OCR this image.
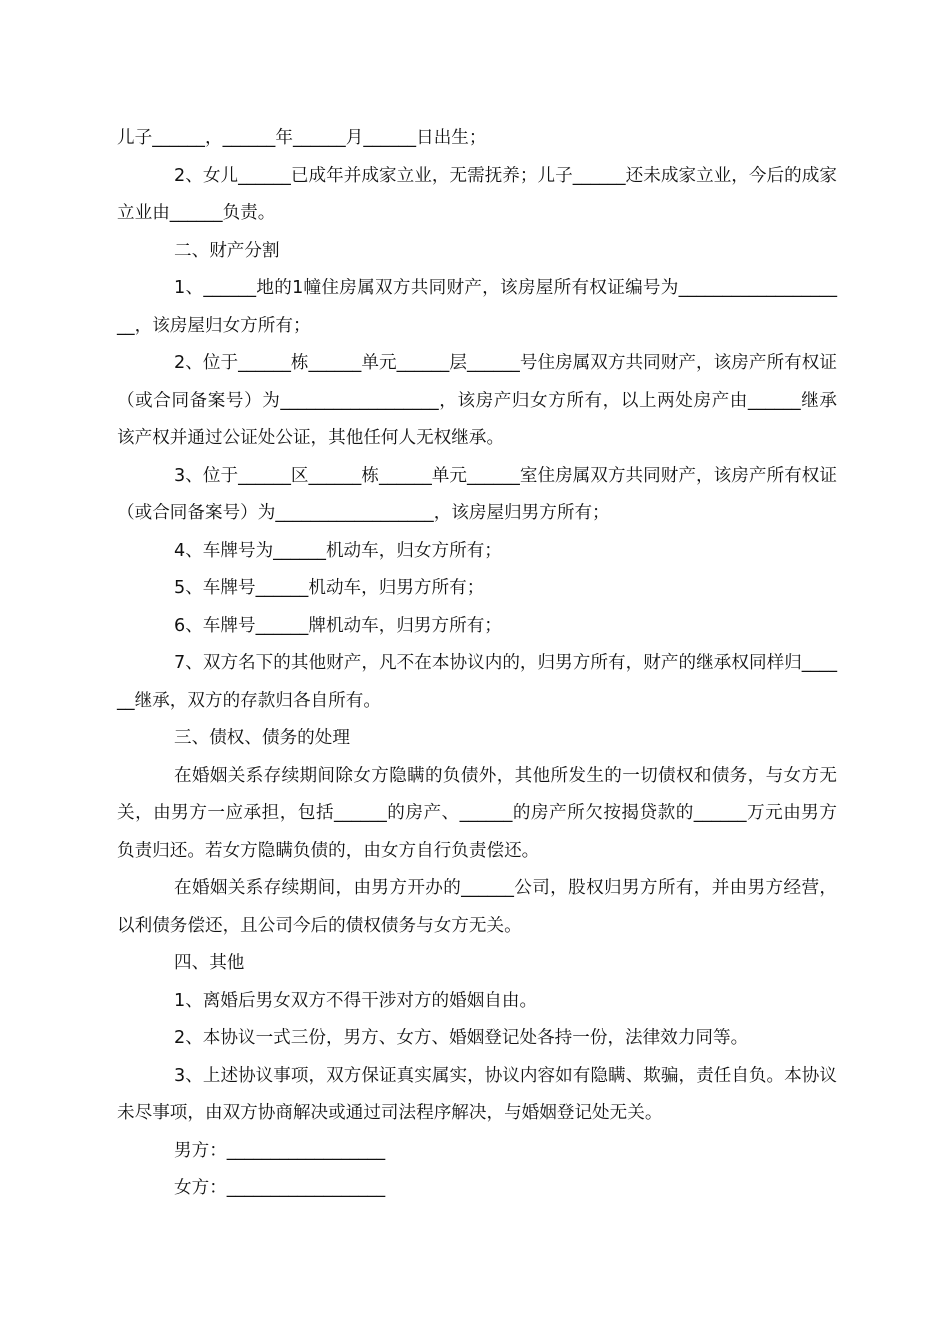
儿子______，______年______月______日出生；

2、女儿______已成年并成家立业，无需抚养；儿子______还未成家立业，今后的成家立业由______负责。

二、财产分割

1、______地的1幢住房属双方共同财产，该房屋所有权证编号为____________________，该房屋归女方所有；

2、位于______栋______单元______层______号住房属双方共同财产，该房产所有权证（或合同备案号）为__________________，该房产归女方所有，以上两处房产由______继承该产权并通过公证处公证，其他任何人无权继承。

3、位于______区______栋______单元______室住房属双方共同财产，该房产所有权证（或合同备案号）为__________________，该房屋归男方所有；

4、车牌号为______机动车，归女方所有；

5、车牌号______机动车，归男方所有；

6、车牌号______牌机动车，归男方所有；

7、双方名下的其他财产，凡不在本协议内的，归男方所有，财产的继承权同样归______继承，双方的存款归各自所有。

三、债权、债务的处理

在婚姻关系存续期间除女方隐瞒的负债外，其他所发生的一切债权和债务，与女方无关，由男方一应承担，包括______的房产、______的房产所欠按揭贷款的______万元由男方负责归还。若女方隐瞒负债的，由女方自行负责偿还。

在婚姻关系存续期间，由男方开办的______公司，股权归男方所有，并由男方经营，以利债务偿还，且公司今后的债权债务与女方无关。

四、其他

1、离婚后男女双方不得干涉对方的婚姻自由。

2、本协议一式三份，男方、女方、婚姻登记处各持一份，法律效力同等。

3、上述协议事项，双方保证真实属实，协议内容如有隐瞒、欺骗，责任自负。本协议未尽事项，由双方协商解决或通过司法程序解决，与婚姻登记处无关。

男方：__________________

女方：__________________
